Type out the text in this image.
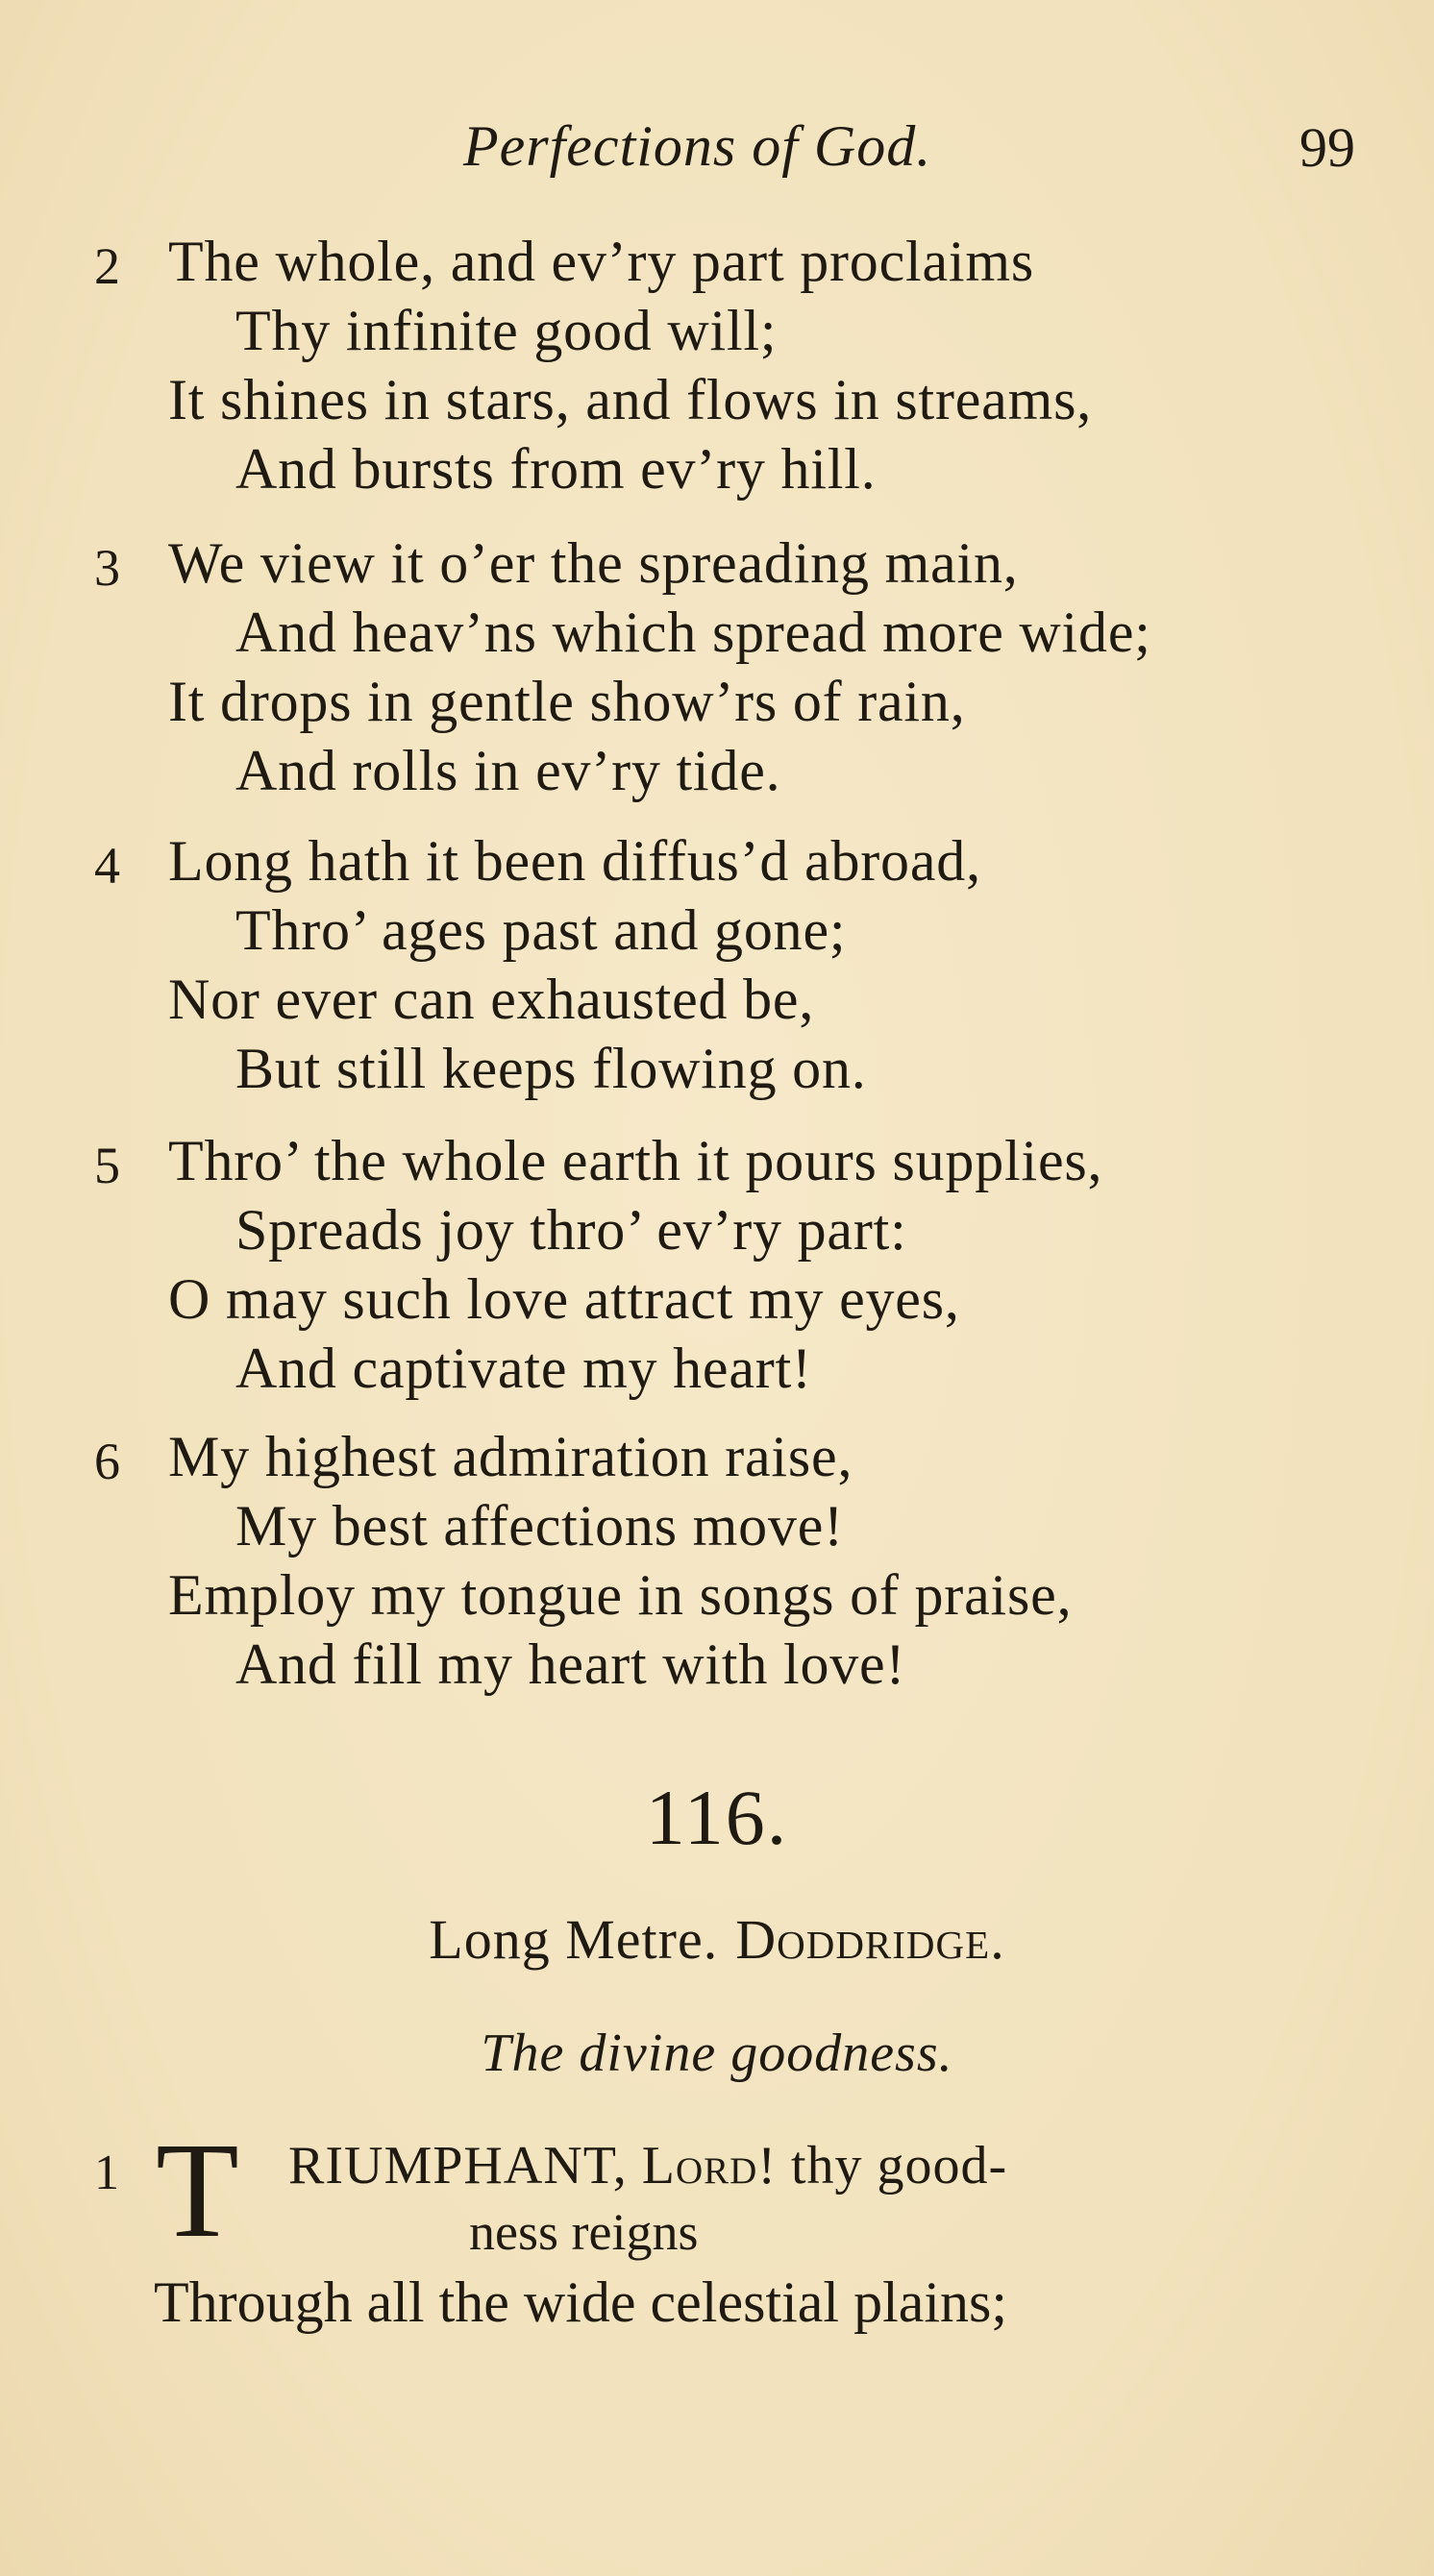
Perfections of God.	99
2 The whole, and ev’ry part proclaims
Thy infinite good will;
It shines in stars, and flows in streams,
And bursts from ev’ry hill.
3 We view it o’er the spreading main,
And heav’ns which spread more wide;
It drops in gentle show’rs of rain,
And rolls in ev’ry tide.
4 Long hath it been diffus’d abroad,
Thro’ ages past and gone;
Nor ever can exhausted be,
But still keeps flowing on.
5 Thro’ the whole earth it pours supplies,
Spreads joy thro’ ev’ry part:
O may such love attract my eyes,
And captivate my heart!
6 My highest admiration raise,
My best affections move!
Employ my tongue in songs of praise,
And fill my heart with love!
116.
Long Metre. Doddridge.
The divine goodness.
1 T RIUMPHANT, Lord! thy good-
ness reigns
Through all the wide celestial plains;
